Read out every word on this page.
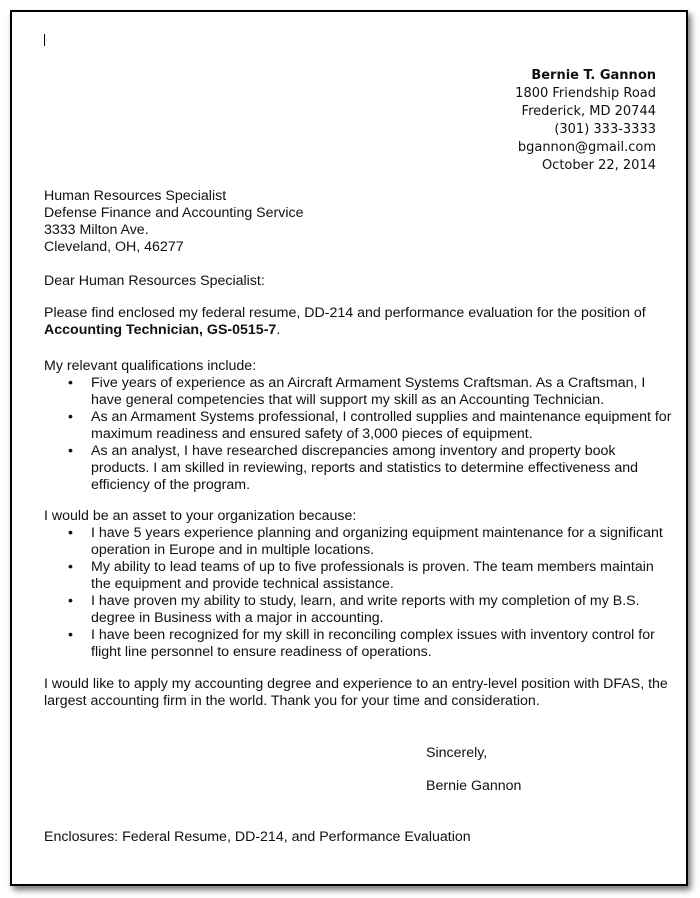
Bernie T. Gannon
1800 Friendship Road
Frederick, MD 20744
(301) 333-3333
bgannon@gmail.com
October 22, 2014
Human Resources Specialist
Defense Finance and Accounting Service
3333 Milton Ave.
Cleveland, OH, 46277
Dear Human Resources Specialist:
Please find enclosed my federal resume, DD-214 and performance evaluation for the position of
Accounting Technician, GS-0515-7.
My relevant qualifications include:
• Five years of experience as an Aircraft Armament Systems Craftsman. As a Craftsman, I have general competencies that will support my skill as an Accounting Technician.
• As an Armament Systems professional, I controlled supplies and maintenance equipment for maximum readiness and ensured safety of 3,000 pieces of equipment.
• As an analyst, I have researched discrepancies among inventory and property book products. I am skilled in reviewing, reports and statistics to determine effectiveness and efficiency of the program.
I would be an asset to your organization because:
• I have 5 years experience planning and organizing equipment maintenance for a significant operation in Europe and in multiple locations.
• My ability to lead teams of up to five professionals is proven. The team members maintain the equipment and provide technical assistance.
• I have proven my ability to study, learn, and write reports with my completion of my B.S. degree in Business with a major in accounting.
• I have been recognized for my skill in reconciling complex issues with inventory control for flight line personnel to ensure readiness of operations.
I would like to apply my accounting degree and experience to an entry-level position with DFAS, the largest accounting firm in the world. Thank you for your time and consideration.
Sincerely,
Bernie Gannon
Enclosures: Federal Resume, DD-214, and Performance Evaluation
